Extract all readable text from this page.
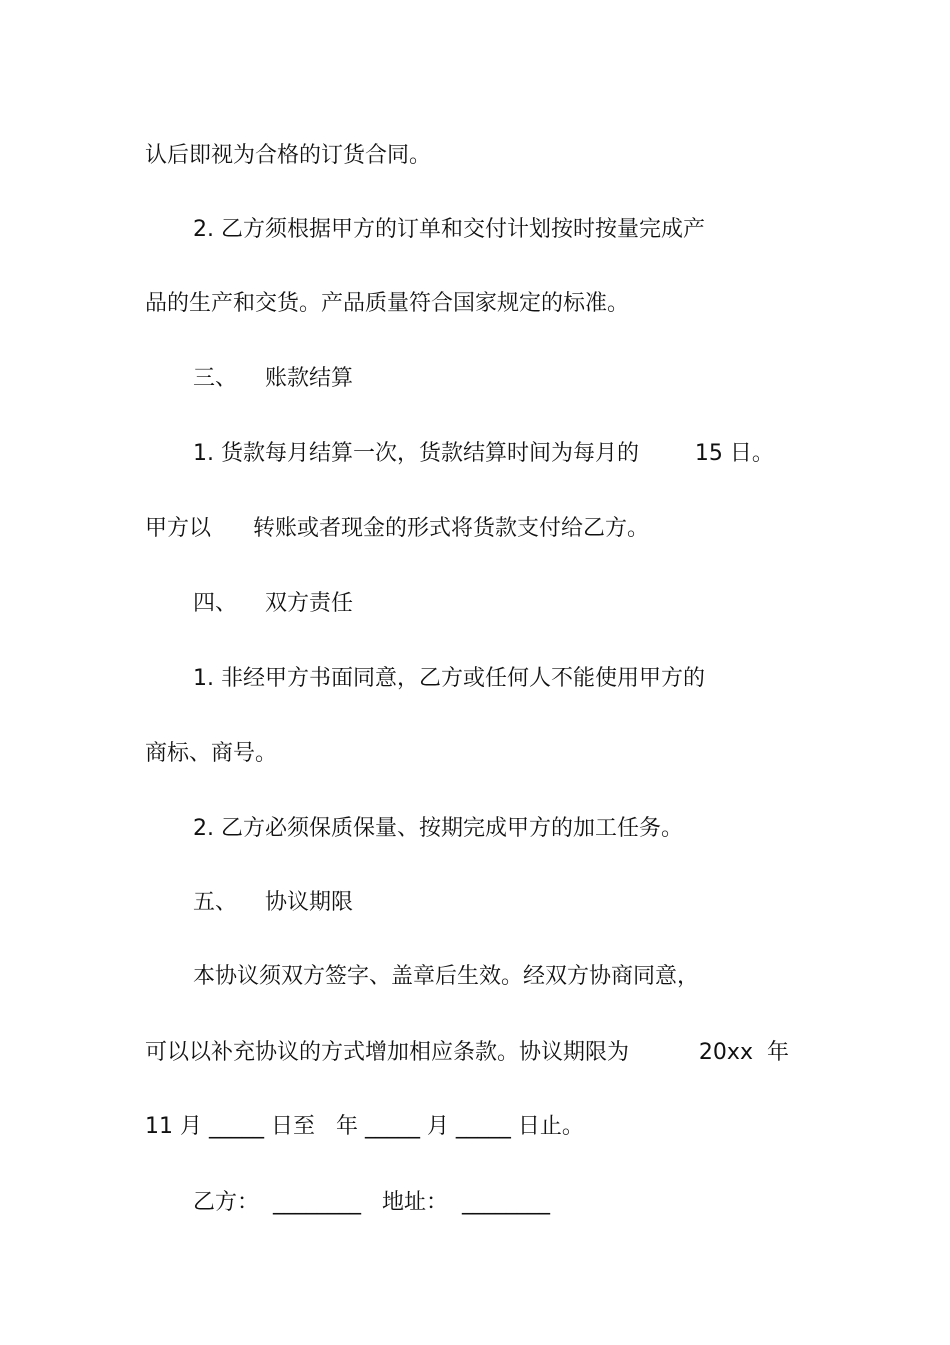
认后即视为合格的订货合同。
2. 乙方须根据甲方的订单和交付计划按时按量完成产
品的生产和交货。产品质量符合国家规定的标准。
三、    账款结算
1. 货款每月结算一次，货款结算时间为每月的        15 日。
甲方以      转账或者现金的形式将货款支付给乙方。
四、    双方责任
1. 非经甲方书面同意，乙方或任何人不能使用甲方的
商标、商号。
2. 乙方必须保质保量、按期完成甲方的加工任务。
五、    协议期限
本协议须双方签字、盖章后生效。经双方协商同意，
可以以补充协议的方式增加相应条款。协议期限为          20xx  年
11 月 _____ 日至   年 _____ 月 _____ 日止。
乙方：  ________   地址：  ________
